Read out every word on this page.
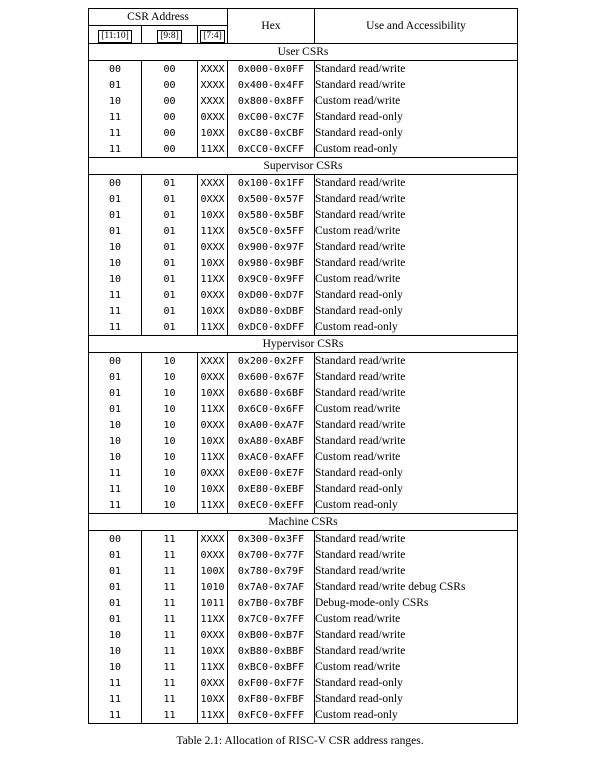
CSR Address			Hex	Use and Accessibility
[11:10]	[9:8]	[7:4]		
User CSRs				
00	00	XXXX	0x000-0x0FF	Standard read/write
01	00	XXXX	0x400-0x4FF	Standard read/write
10	00	XXXX	0x800-0x8FF	Custom read/write
11	00	0XXX	0xC00-0xC7F	Standard read-only
11	00	10XX	0xC80-0xCBF	Standard read-only
11	00	11XX	0xCC0-0xCFF	Custom read-only
Supervisor CSRs				
00	01	XXXX	0x100-0x1FF	Standard read/write
01	01	0XXX	0x500-0x57F	Standard read/write
01	01	10XX	0x580-0x5BF	Standard read/write
01	01	11XX	0x5C0-0x5FF	Custom read/write
10	01	0XXX	0x900-0x97F	Standard read/write
10	01	10XX	0x980-0x9BF	Standard read/write
10	01	11XX	0x9C0-0x9FF	Custom read/write
11	01	0XXX	0xD00-0xD7F	Standard read-only
11	01	10XX	0xD80-0xDBF	Standard read-only
11	01	11XX	0xDC0-0xDFF	Custom read-only
Hypervisor CSRs				
00	10	XXXX	0x200-0x2FF	Standard read/write
01	10	0XXX	0x600-0x67F	Standard read/write
01	10	10XX	0x680-0x6BF	Standard read/write
01	10	11XX	0x6C0-0x6FF	Custom read/write
10	10	0XXX	0xA00-0xA7F	Standard read/write
10	10	10XX	0xA80-0xABF	Standard read/write
10	10	11XX	0xAC0-0xAFF	Custom read/write
11	10	0XXX	0xE00-0xE7F	Standard read-only
11	10	10XX	0xE80-0xEBF	Standard read-only
11	10	11XX	0xEC0-0xEFF	Custom read-only
Machine CSRs				
00	11	XXXX	0x300-0x3FF	Standard read/write
01	11	0XXX	0x700-0x77F	Standard read/write
01	11	100X	0x780-0x79F	Standard read/write
01	11	1010	0x7A0-0x7AF	Standard read/write debug CSRs
01	11	1011	0x7B0-0x7BF	Debug-mode-only CSRs
01	11	11XX	0x7C0-0x7FF	Custom read/write
10	11	0XXX	0xB00-0xB7F	Standard read/write
10	11	10XX	0xB80-0xBBF	Standard read/write
10	11	11XX	0xBC0-0xBFF	Custom read/write
11	11	0XXX	0xF00-0xF7F	Standard read-only
11	11	10XX	0xF80-0xFBF	Standard read-only
11	11	11XX	0xFC0-0xFFF	Custom read-only
Table 2.1: Allocation of RISC-V CSR address ranges.
